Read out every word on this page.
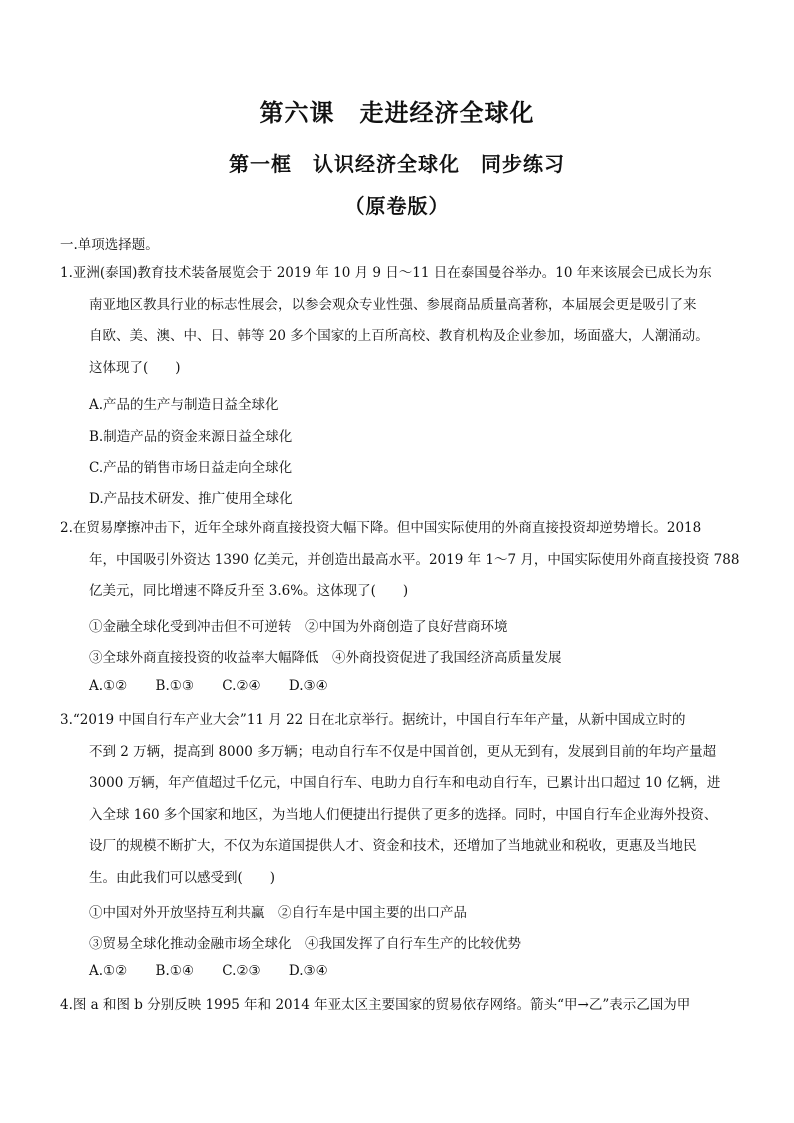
第六课　走进经济全球化
第一框　认识经济全球化　同步练习
（原卷版）
一.单项选择题。
1.亚洲(泰国)教育技术装备展览会于 2019 年 10 月 9 日～11 日在泰国曼谷举办。10 年来该展会已成长为东
南亚地区教具行业的标志性展会，以参会观众专业性强、参展商品质量高著称，本届展会更是吸引了来
自欧、美、澳、中、日、韩等 20 多个国家的上百所高校、教育机构及企业参加，场面盛大，人潮涌动。
这体现了(　　)
A.产品的生产与制造日益全球化
B.制造产品的资金来源日益全球化
C.产品的销售市场日益走向全球化
D.产品技术研发、推广使用全球化
2.在贸易摩擦冲击下，近年全球外商直接投资大幅下降。但中国实际使用的外商直接投资却逆势增长。2018
年，中国吸引外资达 1390 亿美元，并创造出最高水平。2019 年 1～7 月，中国实际使用外商直接投资 788
亿美元，同比增速不降反升至 3.6%。这体现了(　　)
①金融全球化受到冲击但不可逆转　②中国为外商创造了良好营商环境
③全球外商直接投资的收益率大幅降低　④外商投资促进了我国经济高质量发展
A.①② B.①③ C.②④ D.③④
3.“2019 中国自行车产业大会”11 月 22 日在北京举行。据统计，中国自行车年产量，从新中国成立时的
不到 2 万辆，提高到 8000 多万辆；电动自行车不仅是中国首创，更从无到有，发展到目前的年均产量超
3000 万辆，年产值超过千亿元，中国自行车、电助力自行车和电动自行车，已累计出口超过 10 亿辆，进
入全球 160 多个国家和地区，为当地人们便捷出行提供了更多的选择。同时，中国自行车企业海外投资、
设厂的规模不断扩大，不仅为东道国提供人才、资金和技术，还增加了当地就业和税收，更惠及当地民
生。由此我们可以感受到(　　)
①中国对外开放坚持互利共赢　②自行车是中国主要的出口产品
③贸易全球化推动金融市场全球化　④我国发挥了自行车生产的比较优势
A.①② B.①④ C.②③ D.③④
4.图 a 和图 b 分别反映 1995 年和 2014 年亚太区主要国家的贸易依存网络。箭头“甲→乙”表示乙国为甲
